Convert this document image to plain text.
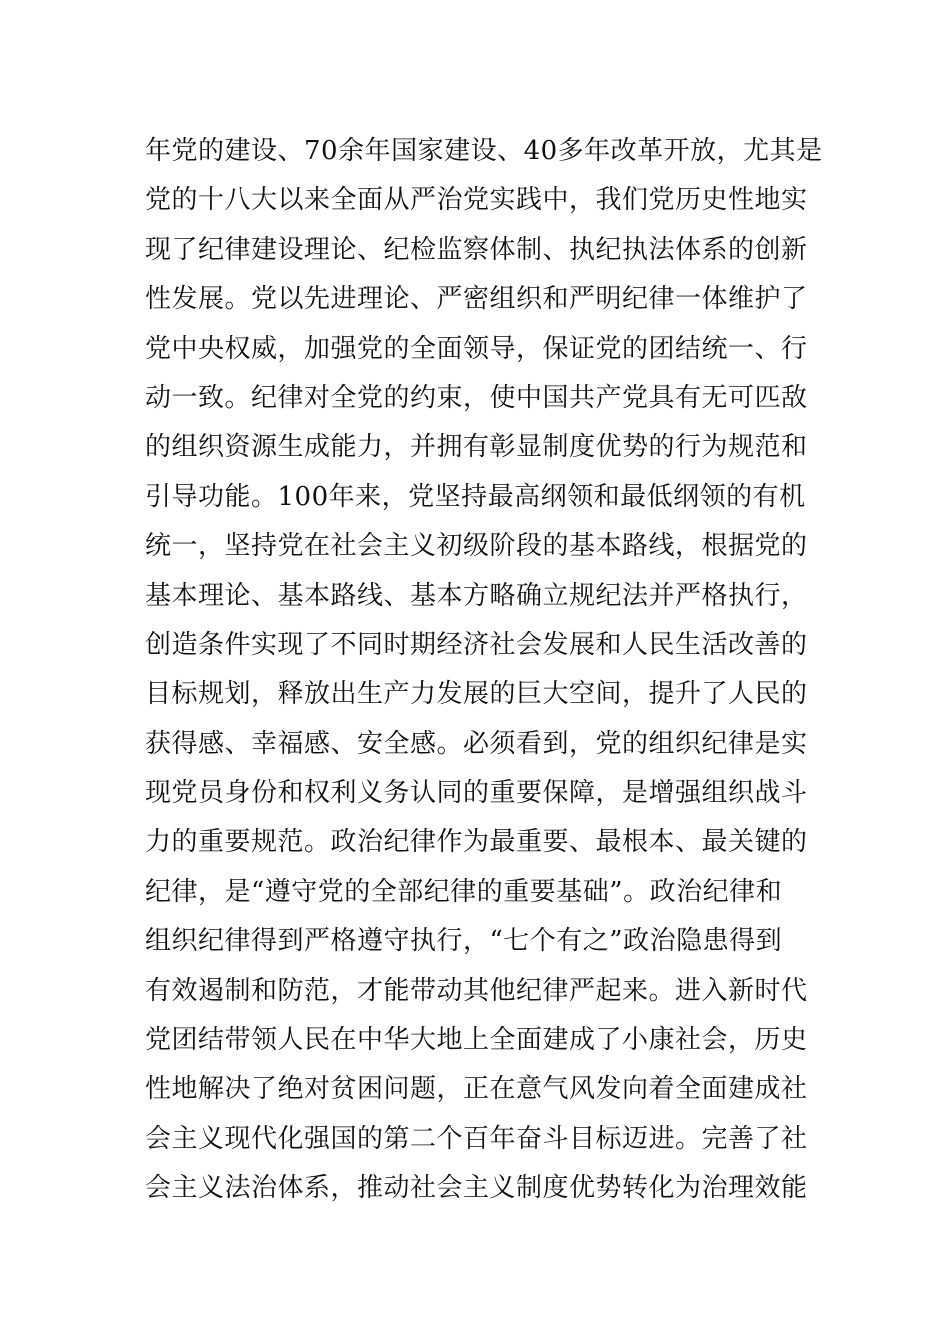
年党的建设、70余年国家建设、40多年改革开放，尤其是
党的十八大以来全面从严治党实践中，我们党历史性地实
现了纪律建设理论、纪检监察体制、执纪执法体系的创新
性发展。党以先进理论、严密组织和严明纪律一体维护了
党中央权威，加强党的全面领导，保证党的团结统一、行
动一致。纪律对全党的约束，使中国共产党具有无可匹敌
的组织资源生成能力，并拥有彰显制度优势的行为规范和
引导功能。100年来，党坚持最高纲领和最低纲领的有机
统一，坚持党在社会主义初级阶段的基本路线，根据党的
基本理论、基本路线、基本方略确立规纪法并严格执行，
创造条件实现了不同时期经济社会发展和人民生活改善的
目标规划，释放出生产力发展的巨大空间，提升了人民的
获得感、幸福感、安全感。必须看到，党的组织纪律是实
现党员身份和权利义务认同的重要保障，是增强组织战斗
力的重要规范。政治纪律作为最重要、最根本、最关键的
纪律，是“遵守党的全部纪律的重要基础”。政治纪律和
组织纪律得到严格遵守执行，“七个有之”政治隐患得到
有效遏制和防范，才能带动其他纪律严起来。进入新时代
党团结带领人民在中华大地上全面建成了小康社会，历史
性地解决了绝对贫困问题，正在意气风发向着全面建成社
会主义现代化强国的第二个百年奋斗目标迈进。完善了社
会主义法治体系，推动社会主义制度优势转化为治理效能
